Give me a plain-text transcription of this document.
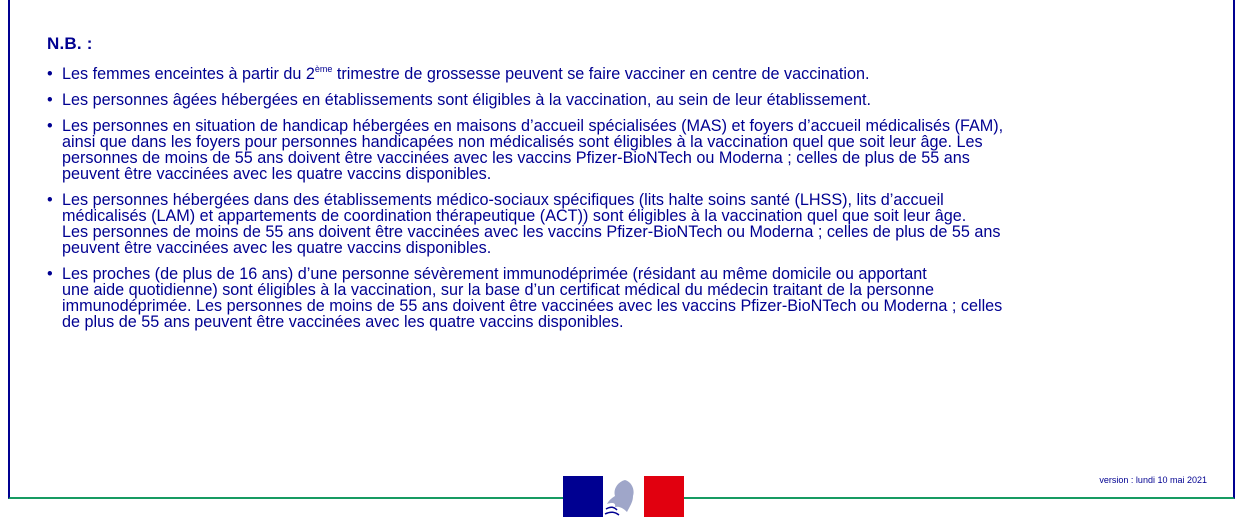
N.B. :
• Les femmes enceintes à partir du 2ème trimestre de grossesse peuvent se faire vacciner en centre de vaccination.
• Les personnes âgées hébergées en établissements sont éligibles à la vaccination, au sein de leur établissement.
• Les personnes en situation de handicap hébergées en maisons d’accueil spécialisées (MAS) et foyers d’accueil médicalisés (FAM),
ainsi que dans les foyers pour personnes handicapées non médicalisés sont éligibles à la vaccination quel que soit leur âge. Les
personnes de moins de 55 ans doivent être vaccinées avec les vaccins Pfizer-BioNTech ou Moderna ; celles de plus de 55 ans
peuvent être vaccinées avec les quatre vaccins disponibles.
• Les personnes hébergées dans des établissements médico-sociaux spécifiques (lits halte soins santé (LHSS), lits d’accueil
médicalisés (LAM) et appartements de coordination thérapeutique (ACT)) sont éligibles à la vaccination quel que soit leur âge.
Les personnes de moins de 55 ans doivent être vaccinées avec les vaccins Pfizer-BioNTech ou Moderna ; celles de plus de 55 ans
peuvent être vaccinées avec les quatre vaccins disponibles.
• Les proches (de plus de 16 ans) d’une personne sévèrement immunodéprimée (résidant au même domicile ou apportant
une aide quotidienne) sont éligibles à la vaccination, sur la base d’un certificat médical du médecin traitant de la personne
immunodéprimée. Les personnes de moins de 55 ans doivent être vaccinées avec les vaccins Pfizer-BioNTech ou Moderna ; celles
de plus de 55 ans peuvent être vaccinées avec les quatre vaccins disponibles.
version : lundi 10 mai 2021
